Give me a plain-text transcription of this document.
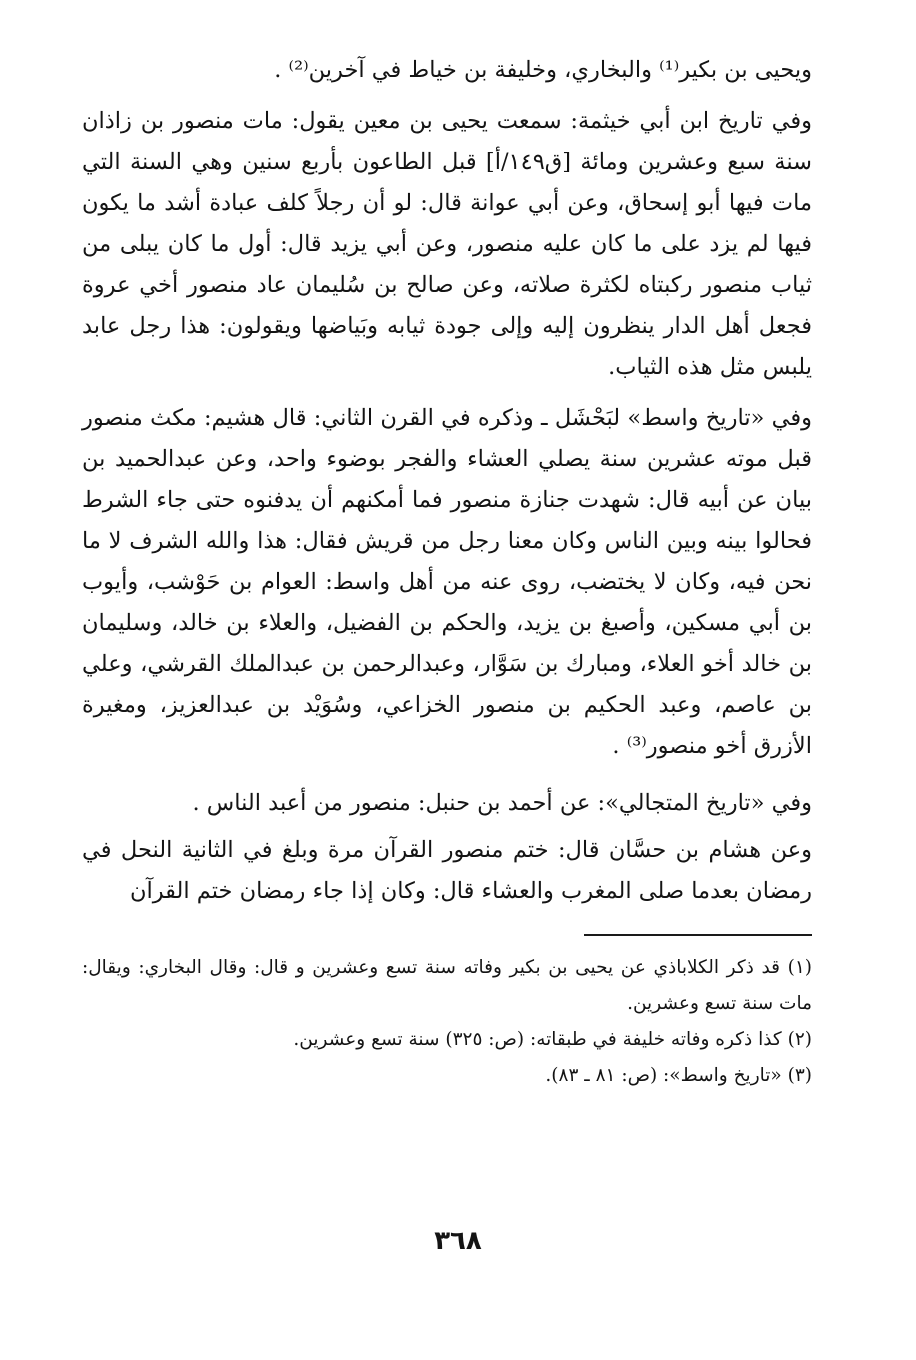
ويحيى بن بكير⁽¹⁾ والبخاري، وخليفة بن خياط في آخرين⁽²⁾ .

وفي تاريخ ابن أبي خيثمة: سمعت يحيى بن معين يقول: مات منصور بن زاذان سنة سبع وعشرين ومائة [ق١٤٩/أ] قبل الطاعون بأربع سنين وهي السنة التي مات فيها أبو إسحاق، وعن أبي عوانة قال: لو أن رجلاً كلف عبادة أشد ما يكون فيها لم يزد على ما كان عليه منصور، وعن أبي يزيد قال: أول ما كان يبلى من ثياب منصور ركبتاه لكثرة صلاته، وعن صالح بن سُليمان عاد منصور أخي عروة فجعل أهل الدار ينظرون إليه وإلى جودة ثيابه وبَياضها ويقولون: هذا رجل عابد يلبس مثل هذه الثياب.

وفي «تاريخ واسط» لبَحْشَل ـ وذكره في القرن الثاني: قال هشيم: مكث منصور قبل موته عشرين سنة يصلي العشاء والفجر بوضوء واحد، وعن عبدالحميد بن بيان عن أبيه قال: شهدت جنازة منصور فما أمكنهم أن يدفنوه حتى جاء الشرط فحالوا بينه وبين الناس وكان معنا رجل من قريش فقال: هذا والله الشرف لا ما نحن فيه، وكان لا يختضب، روى عنه من أهل واسط: العوام بن حَوْشب، وأيوب بن أبي مسكين، وأصبغ بن يزيد، والحكم بن الفضيل، والعلاء بن خالد، وسليمان بن خالد أخو العلاء، ومبارك بن سَوَّار، وعبدالرحمن بن عبدالملك القرشي، وعلي بن عاصم، وعبد الحكيم بن منصور الخزاعي، وسُوَيْد بن عبدالعزيز، ومغيرة الأزرق أخو منصور⁽³⁾ .

وفي «تاريخ المتجالي»: عن أحمد بن حنبل: منصور من أعبد الناس .

وعن هشام بن حسَّان قال: ختم منصور القرآن مرة وبلغ في الثانية النحل في رمضان بعدما صلى المغرب والعشاء قال: وكان إذا جاء رمضان ختم القرآن

(١) قد ذكر الكلاباذي عن يحيى بن بكير وفاته سنة تسع وعشرين و قال: وقال البخاري: ويقال: مات سنة تسع وعشرين.

(٢) كذا ذكره وفاته خليفة في طبقاته: (ص: ٣٢٥) سنة تسع وعشرين.

(٣) «تاريخ واسط»: (ص: ٨١ ـ ٨٣).

٣٦٨
